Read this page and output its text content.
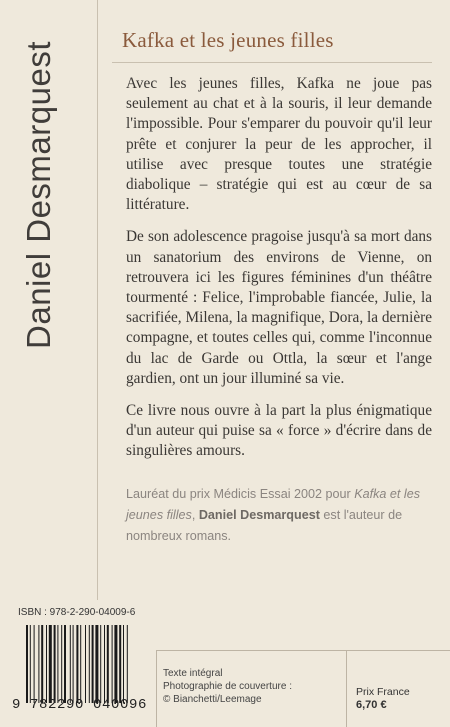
Daniel Desmarquest
Kafka et les jeunes filles

Avec les jeunes filles, Kafka ne joue pas seulement au chat et à la souris, il leur demande l'impossible. Pour s'emparer du pouvoir qu'il leur prête et conjurer la peur de les approcher, il utilise avec presque toutes une stratégie diabolique – stratégie qui est au cœur de sa littérature.

De son adolescence pragoise jusqu'à sa mort dans un sanatorium des environs de Vienne, on retrouvera ici les figures féminines d'un théâtre tourmenté : Felice, l'improbable fiancée, Julie, la sacrifiée, Milena, la magnifique, Dora, la dernière compagne, et toutes celles qui, comme l'inconnue du lac de Garde ou Ottla, la sœur et l'ange gardien, ont un jour illuminé sa vie.

Ce livre nous ouvre à la part la plus énigmatique d'un auteur qui puise sa « force » d'écrire dans de singulières amours.

Lauréat du prix Médicis Essai 2002 pour Kafka et les jeunes filles, Daniel Desmarquest est l'auteur de nombreux romans.
ISBN : 978-2-290-04009-6
9 782290 040096
Texte intégral
Photographie de couverture :
© Bianchetti/Leemage
Prix France
6,70 €
